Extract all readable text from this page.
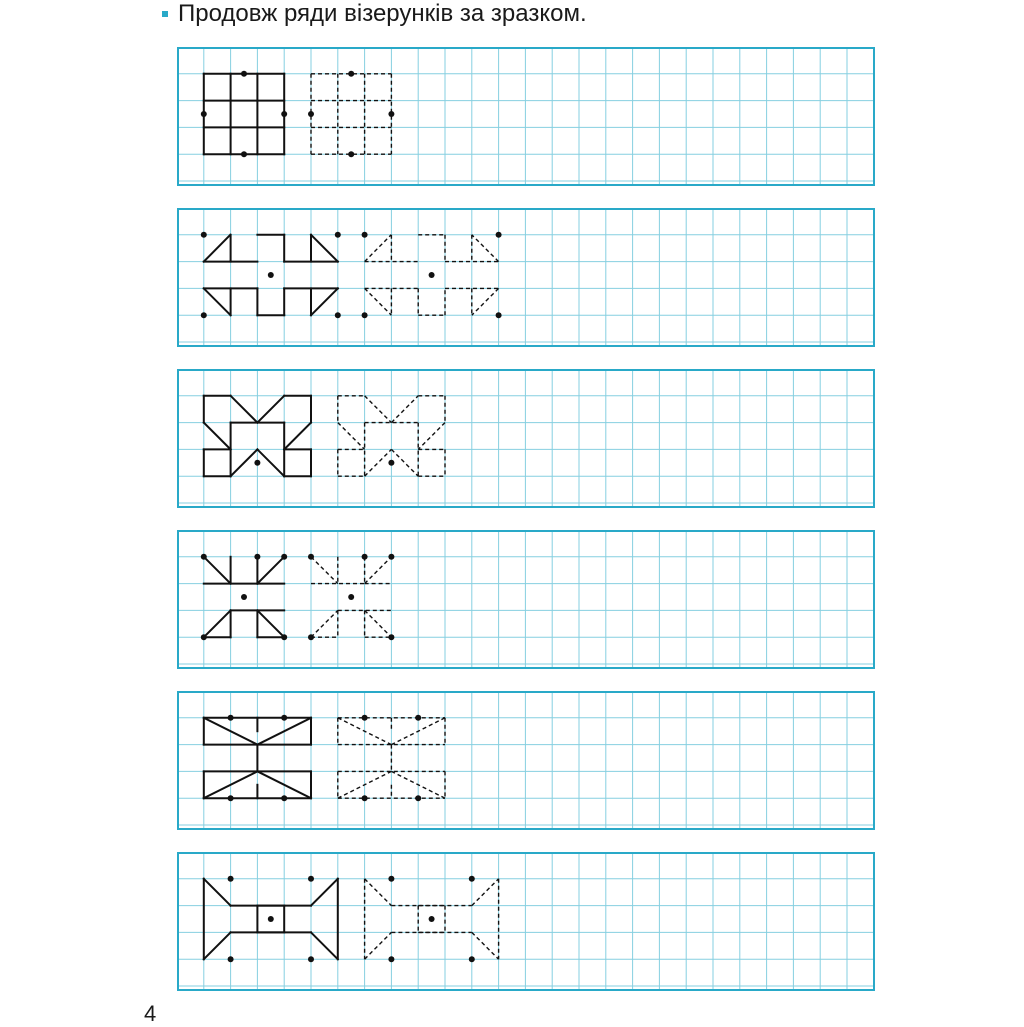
Продовж ряди візерунків за зразком.
4
